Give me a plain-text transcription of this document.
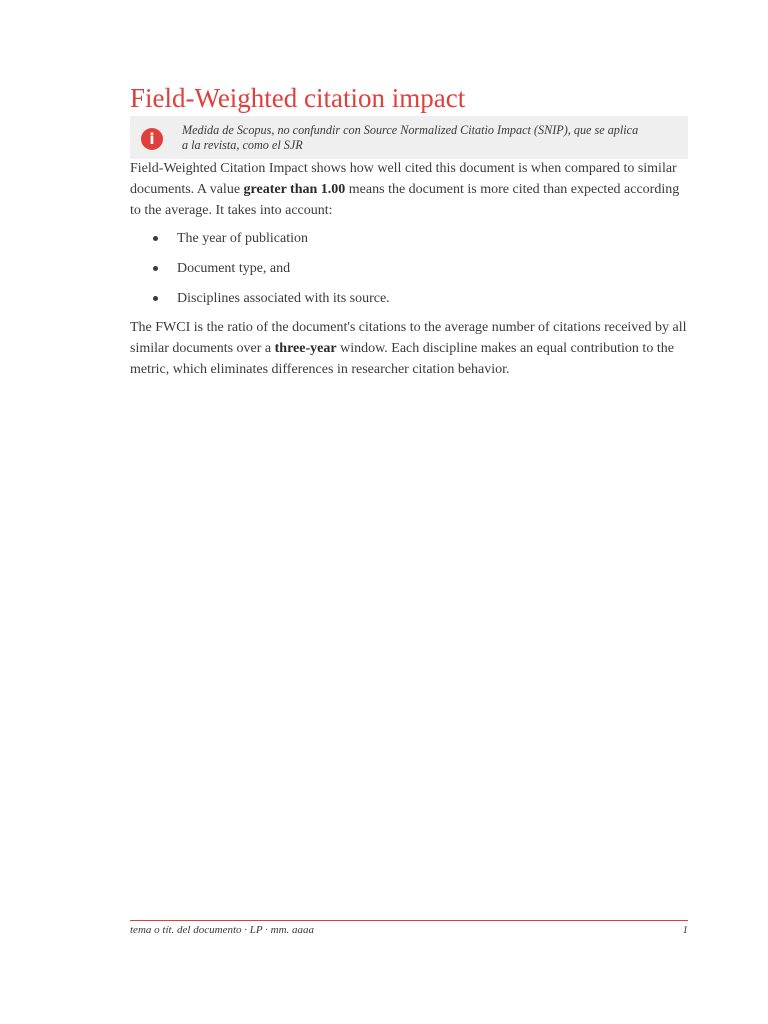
Field-Weighted citation impact
i	Medida de Scopus, no confundir con Source Normalized Citatio Impact (SNIP), que se aplica a la revista, como el SJR

Field-Weighted Citation Impact shows how well cited this document is when compared to similar documents. A value greater than 1.00 means the document is more cited than expected according to the average. It takes into account:

The year of publication
Document type, and
Disciplines associated with its source.

The FWCI is the ratio of the document's citations to the average number of citations received by all similar documents over a three-year window. Each discipline makes an equal contribution to the metric, which eliminates differences in researcher citation behavior.

tema o tít. del documento · LP · mm. aaaa	1
